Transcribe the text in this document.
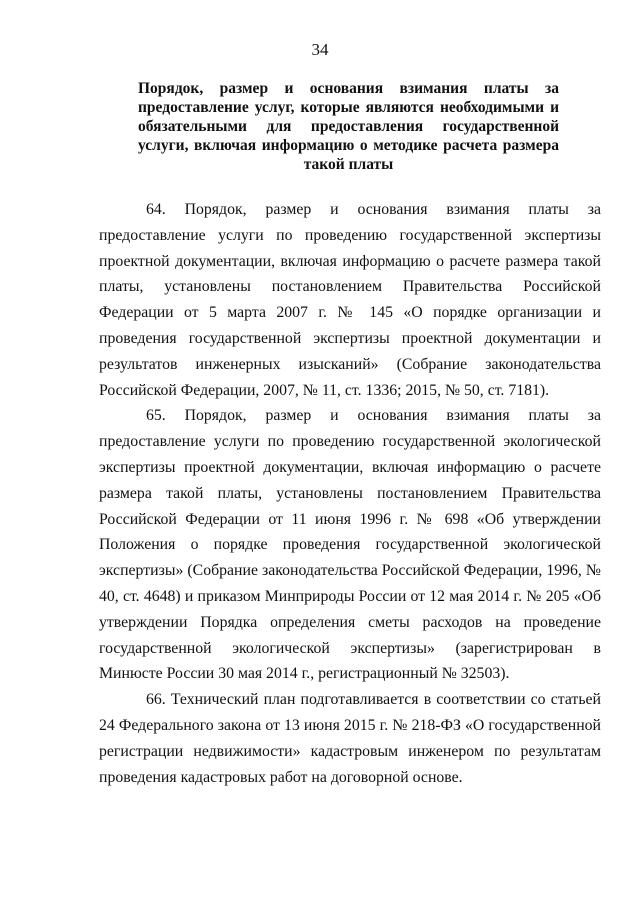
34
Порядок, размер и основания взимания платы за предоставление услуг, которые являются необходимыми и обязательными для предоставления государственной услуги, включая информацию о методике расчета размера такой платы

64. Порядок, размер и основания взимания платы за предоставление услуги по проведению государственной экспертизы проектной документации, включая информацию о расчете размера такой платы, установлены постановлением Правительства Российской Федерации от 5 марта 2007 г. № 145 «О порядке организации и проведения государственной экспертизы проектной документации и результатов инженерных изысканий» (Собрание законодательства Российской Федерации, 2007, № 11, ст. 1336; 2015, № 50, ст. 7181).

65. Порядок, размер и основания взимания платы за предоставление услуги по проведению государственной экологической экспертизы проектной документации, включая информацию о расчете размера такой платы, установлены постановлением Правительства Российской Федерации от 11 июня 1996 г. № 698 «Об утверждении Положения о порядке проведения государственной экологической экспертизы» (Собрание законодательства Российской Федерации, 1996, № 40, ст. 4648) и приказом Минприроды России от 12 мая 2014 г. № 205 «Об утверждении Порядка определения сметы расходов на проведение государственной экологической экспертизы» (зарегистрирован в Минюсте России 30 мая 2014 г., регистрационный № 32503).

66. Технический план подготавливается в соответствии со статьей 24 Федерального закона от 13 июня 2015 г. № 218-ФЗ «О государственной регистрации недвижимости» кадастровым инженером по результатам проведения кадастровых работ на договорной основе.
